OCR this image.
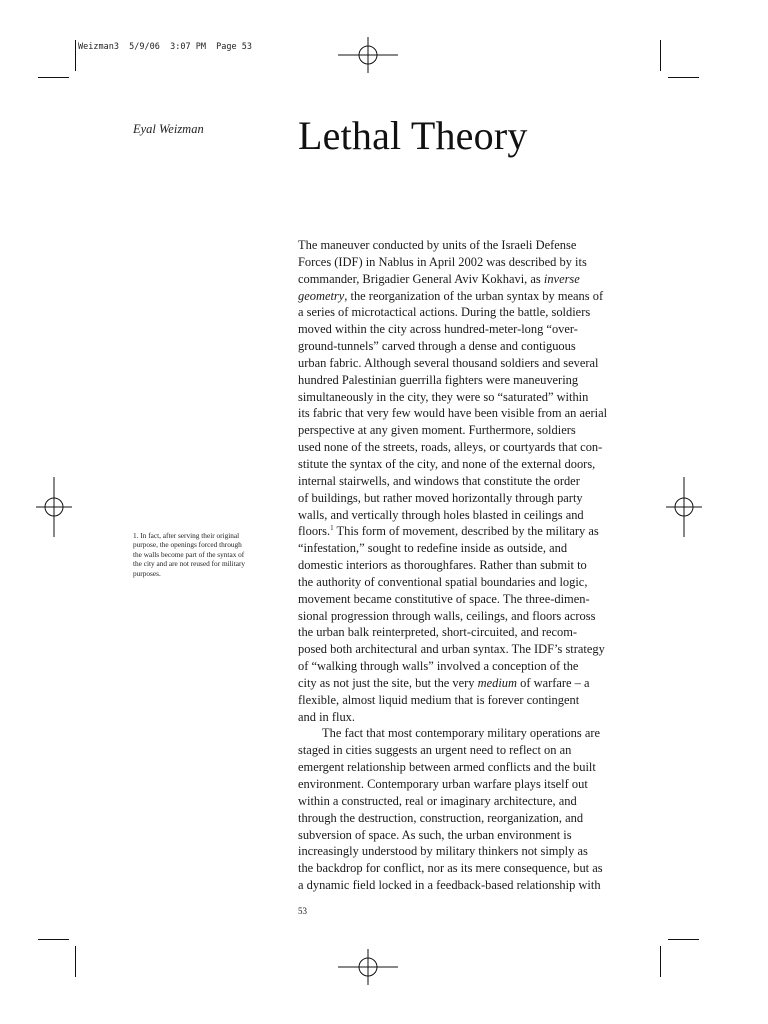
Weizman3  5/9/06  3:07 PM  Page 53
Eyal Weizman Lethal Theory
1. In fact, after serving their original
purpose, the openings forced through
the walls become part of the syntax of
the city and are not reused for military
purposes.
The maneuver conducted by units of the Israeli Defense
Forces (IDF) in Nablus in April 2002 was described by its
commander, Brigadier General Aviv Kokhavi, as inverse
geometry, the reorganization of the urban syntax by means of
a series of microtactical actions. During the battle, soldiers
moved within the city across hundred-meter-long “over-
ground-tunnels” carved through a dense and contiguous
urban fabric. Although several thousand soldiers and several
hundred Palestinian guerrilla fighters were maneuvering
simultaneously in the city, they were so “saturated” within
its fabric that very few would have been visible from an aerial
perspective at any given moment. Furthermore, soldiers
used none of the streets, roads, alleys, or courtyards that con-
stitute the syntax of the city, and none of the external doors,
internal stairwells, and windows that constitute the order
of buildings, but rather moved horizontally through party
walls, and vertically through holes blasted in ceilings and
floors.$^1$ This form of movement, described by the military as
“infestation,” sought to redefine inside as outside, and
domestic interiors as thoroughfares. Rather than submit to
the authority of conventional spatial boundaries and logic,
movement became constitutive of space. The three-dimen-
sional progression through walls, ceilings, and floors across
the urban balk reinterpreted, short-circuited, and recom-
posed both architectural and urban syntax. The IDF’s strategy
of “walking through walls” involved a conception of the
city as not just the site, but the very medium of warfare – a
flexible, almost liquid medium that is forever contingent
and in flux.
The fact that most contemporary military operations are
staged in cities suggests an urgent need to reflect on an
emergent relationship between armed conflicts and the built
environment. Contemporary urban warfare plays itself out
within a constructed, real or imaginary architecture, and
through the destruction, construction, reorganization, and
subversion of space. As such, the urban environment is
increasingly understood by military thinkers not simply as
the backdrop for conflict, nor as its mere consequence, but as
a dynamic field locked in a feedback-based relationship with
53
